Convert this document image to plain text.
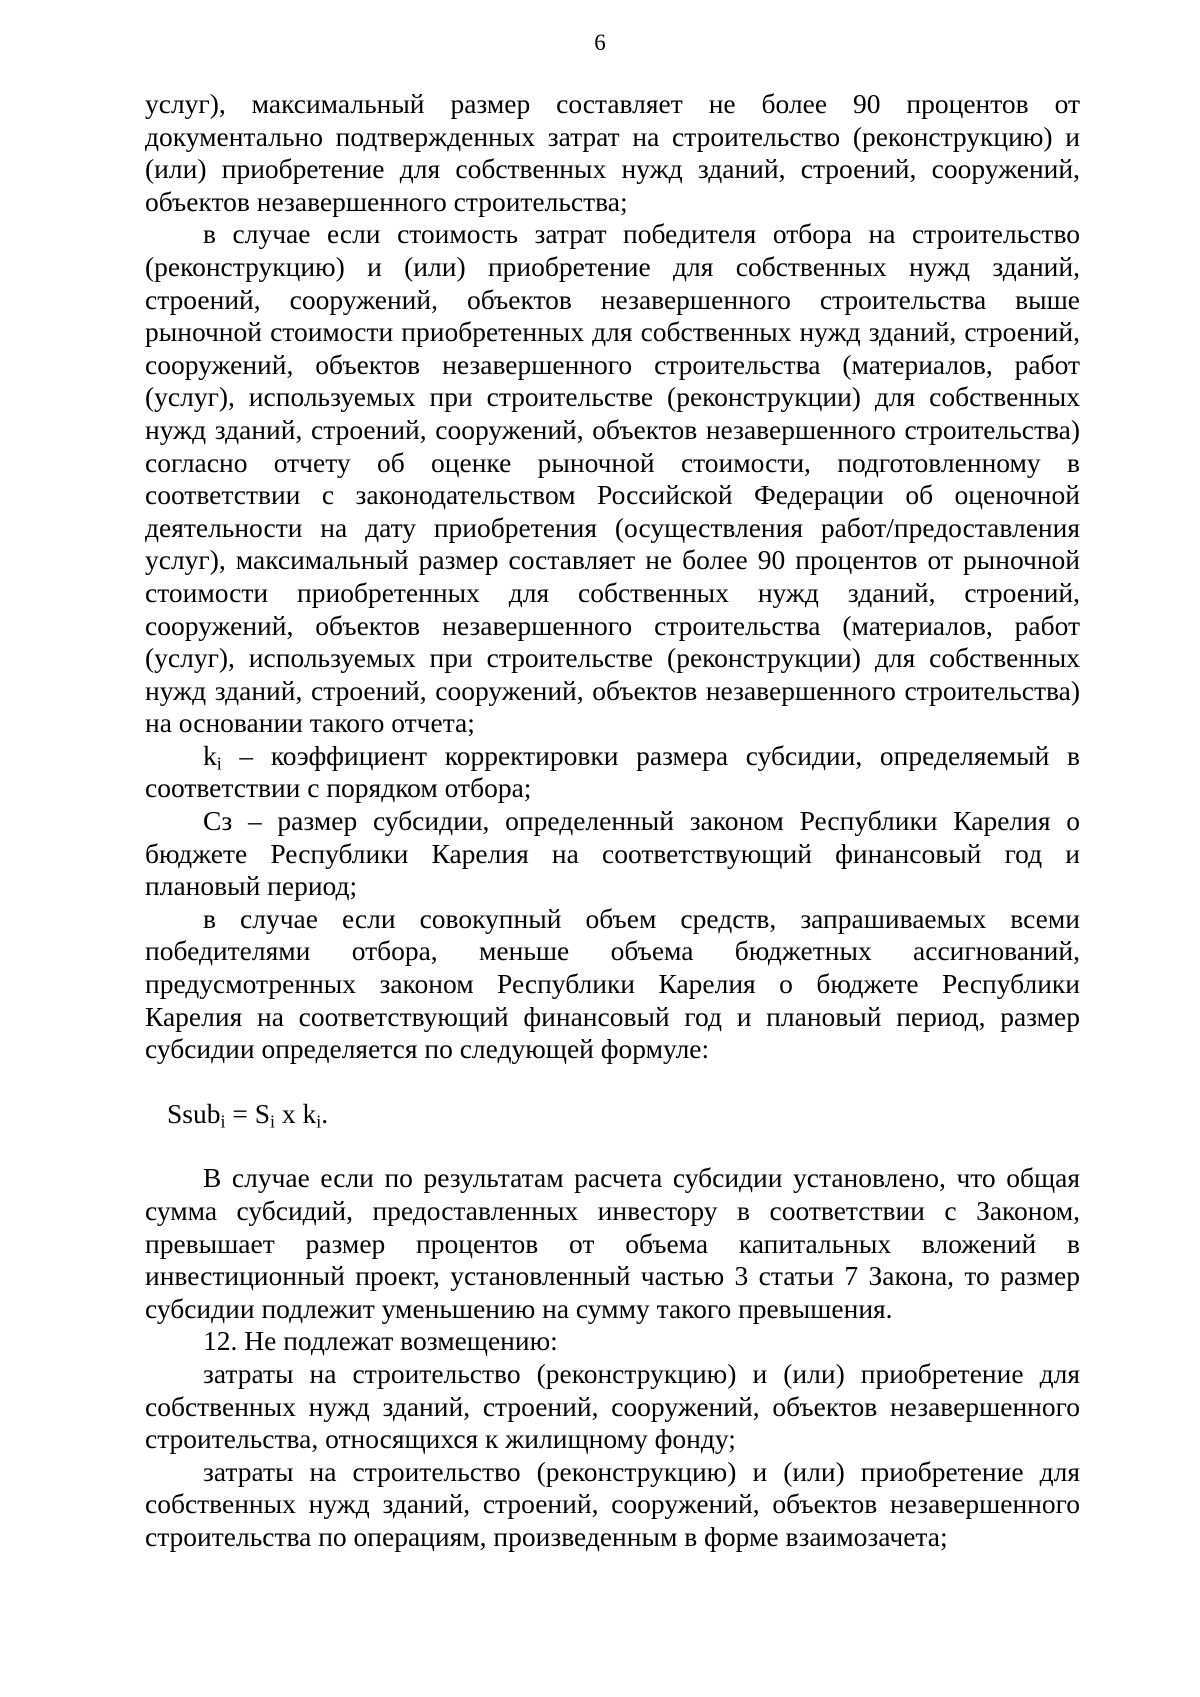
6

услуг), максимальный размер составляет не более 90 процентов от документально подтвержденных затрат на строительство (реконструкцию) и (или) приобретение для собственных нужд зданий, строений, сооружений, объектов незавершенного строительства;

в случае если стоимость затрат победителя отбора на строительство (реконструкцию) и (или) приобретение для собственных нужд зданий, строений, сооружений, объектов незавершенного строительства выше рыночной стоимости приобретенных для собственных нужд зданий, строений, сооружений, объектов незавершенного строительства (материалов, работ (услуг), используемых при строительстве (реконструкции) для собственных нужд зданий, строений, сооружений, объектов незавершенного строительства) согласно отчету об оценке рыночной стоимости, подготовленному в соответствии с законодательством Российской Федерации об оценочной деятельности на дату приобретения (осуществления работ/предоставления услуг), максимальный размер составляет не более 90 процентов от рыночной стоимости приобретенных для собственных нужд зданий, строений, сооружений, объектов незавершенного строительства (материалов, работ (услуг), используемых при строительстве (реконструкции) для собственных нужд зданий, строений, сооружений, объектов незавершенного строительства) на основании такого отчета;

$k_i$ – коэффициент корректировки размера субсидии, определяемый в соответствии с порядком отбора;

Сз – размер субсидии, определенный законом Республики Карелия о бюджете Республики Карелия на соответствующий финансовый год и плановый период;

в случае если совокупный объем средств, запрашиваемых всеми победителями отбора, меньше объема бюджетных ассигнований, предусмотренных законом Республики Карелия о бюджете Республики Карелия на соответствующий финансовый год и плановый период, размер субсидии определяется по следующей формуле:

Ssub$_i$ = $S_i$ x $k_i$.

В случае если по результатам расчета субсидии установлено, что общая сумма субсидий, предоставленных инвестору в соответствии с Законом, превышает размер процентов от объема капитальных вложений в инвестиционный проект, установленный частью 3 статьи 7 Закона, то размер субсидии подлежит уменьшению на сумму такого превышения.

12. Не подлежат возмещению:

затраты на строительство (реконструкцию) и (или) приобретение для собственных нужд зданий, строений, сооружений, объектов незавершенного строительства, относящихся к жилищному фонду;

затраты на строительство (реконструкцию) и (или) приобретение для собственных нужд зданий, строений, сооружений, объектов незавершенного строительства по операциям, произведенным в форме взаимозачета;
